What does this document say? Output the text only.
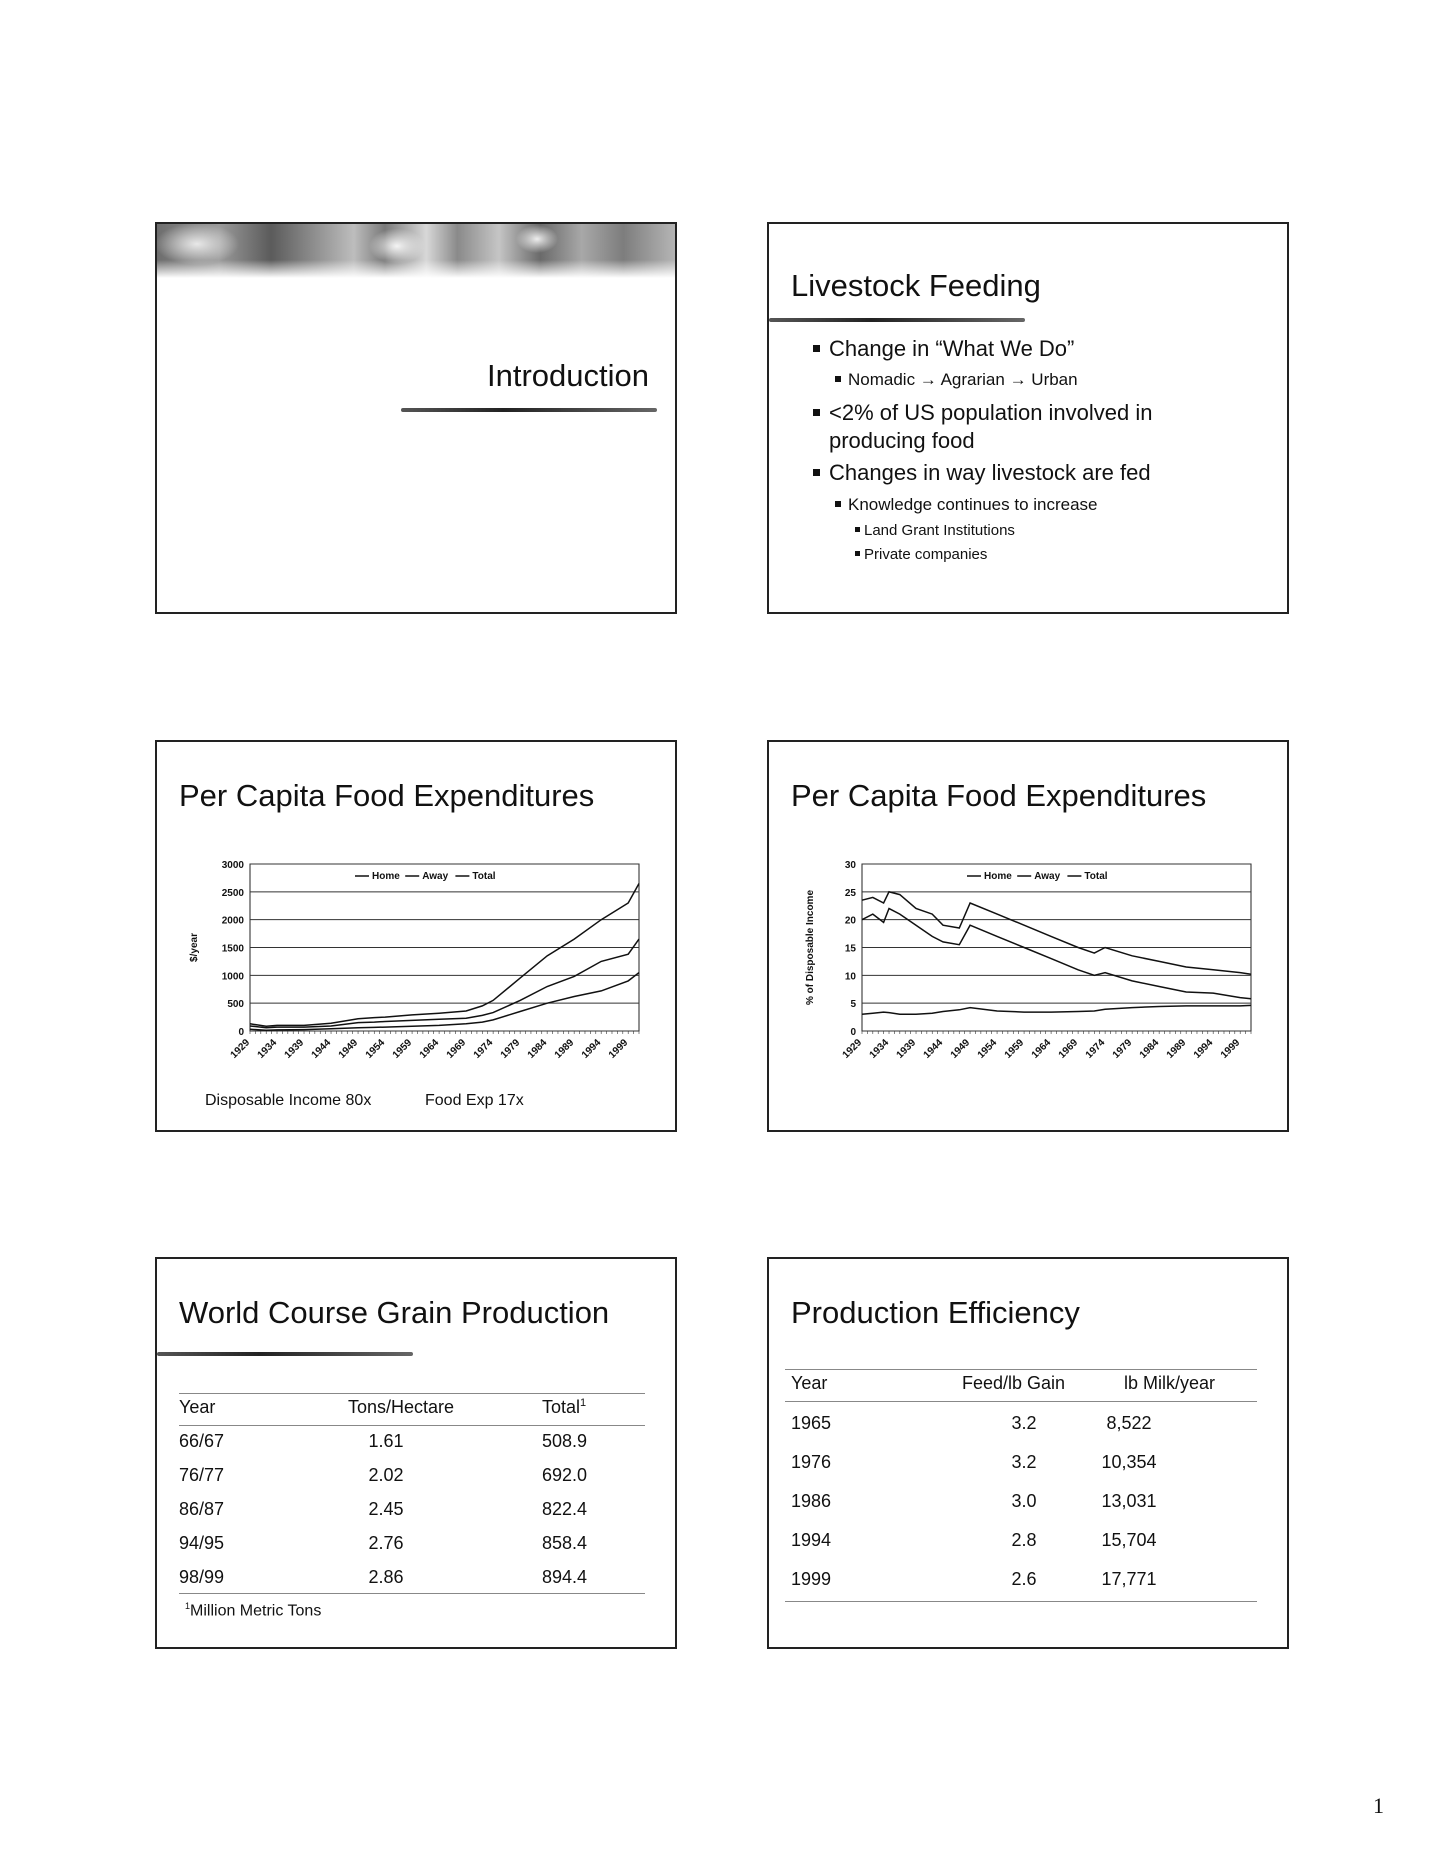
Introduction
Livestock Feeding
Change in “What We Do”
Nomadic → Agrarian → Urban
<2% of US population involved in
producing food
Changes in way livestock are fed
Knowledge continues to increase
Land Grant Institutions
Private companies
Per Capita Food Expenditures
0
500
1000
1500
2000
2500
3000
1929 1934 1939 1944 1949 1954 1959 1964 1969 1974 1979 1984 1989 1994 1999
$/year
Home Away Total
Disposable Income 80x	Food Exp 17x
Per Capita Food Expenditures
0
5
10
15
20
25
30
1929 1934 1939 1944 1949 1954 1959 1964 1969 1974 1979 1984 1989 1994 1999
% of Disposable Income
Home Away Total
World Course Grain Production
Year	Tons/Hectare	Total$^1$
66/67	1.61	508.9
76/77	2.02	692.0
86/87	2.45	822.4
94/95	2.76	858.4
98/99	2.86	894.4
$^1$Million Metric Tons
Production Efficiency
Year	Feed/lb Gain	lb Milk/year
1965	3.2	8,522
1976	3.2	10,354
1986	3.0	13,031
1994	2.8	15,704
1999	2.6	17,771
1
